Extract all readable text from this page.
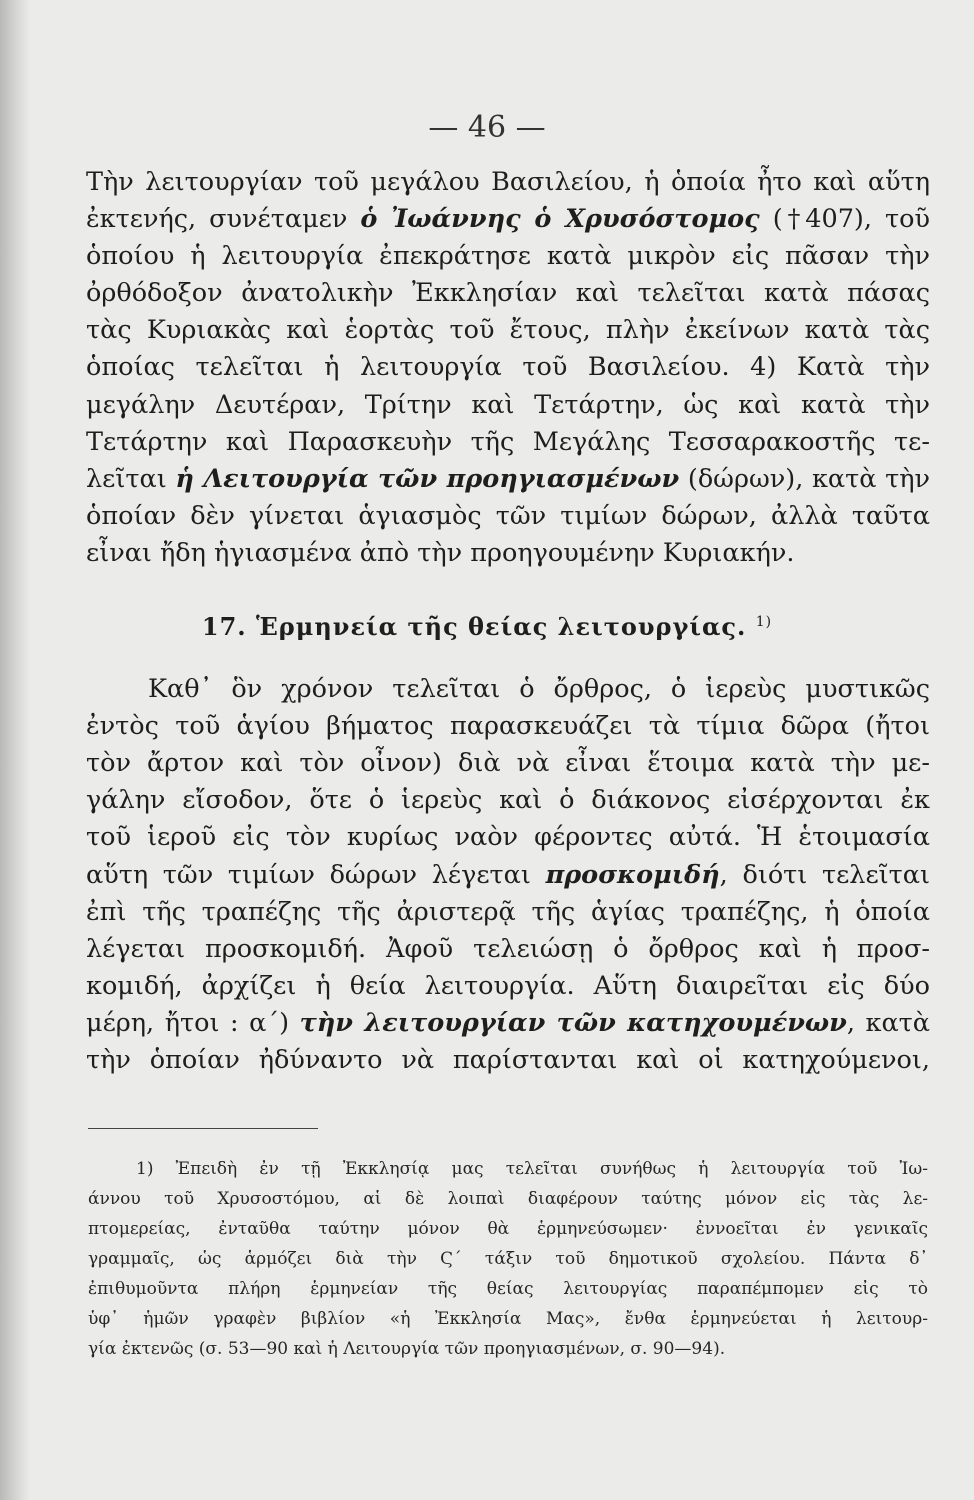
— 46 —
Τὴν λειτουργίαν τοῦ μεγάλου Βασιλείου, ἡ ὁποία ἦτο καὶ αὕτη
ἐκτενής, συνέταμεν ὁ Ἰωάννης ὁ Χρυσόστομος (†407), τοῦ
ὁποίου ἡ λειτουργία ἐπεκράτησε κατὰ μικρὸν εἰς πᾶσαν τὴν
ὀρθόδοξον ἀνατολικὴν Ἐκκλησίαν καὶ τελεῖται κατὰ πάσας
τὰς Κυριακὰς καὶ ἑορτὰς τοῦ ἔτους, πλὴν ἐκείνων κατὰ τὰς
ὁποίας τελεῖται ἡ λειτουργία τοῦ Βασιλείου. 4) Κατὰ τὴν
μεγάλην Δευτέραν, Τρίτην καὶ Τετάρτην, ὡς καὶ κατὰ τὴν
Τετάρτην καὶ Παρασκευὴν τῆς Μεγάλης Τεσσαρακοστῆς τε-
λεῖται ἡ Λειτουργία τῶν προηγιασμένων (δώρων), κατὰ τὴν
ὁποίαν δὲν γίνεται ἁγιασμὸς τῶν τιμίων δώρων, ἀλλὰ ταῦτα
εἶναι ἤδη ἡγιασμένα ἀπὸ τὴν προηγουμένην Κυριακήν.
17. Ἑρμηνεία τῆς θείας λειτουργίας. $^{1)}$
Καθ᾽ ὃν χρόνον τελεῖται ὁ ὄρθρος, ὁ ἱερεὺς μυστικῶς
ἐντὸς τοῦ ἁγίου βήματος παρασκευάζει τὰ τίμια δῶρα (ἤτοι
τὸν ἄρτον καὶ τὸν οἶνον) διὰ νὰ εἶναι ἕτοιμα κατὰ τὴν με-
γάλην εἴσοδον, ὅτε ὁ ἱερεὺς καὶ ὁ διάκονος εἰσέρχονται ἐκ
τοῦ ἱεροῦ εἰς τὸν κυρίως ναὸν φέροντες αὐτά. Ἡ ἑτοιμασία
αὕτη τῶν τιμίων δώρων λέγεται προσκομιδή, διότι τελεῖται
ἐπὶ τῆς τραπέζης τῆς ἀριστερᾷ τῆς ἁγίας τραπέζης, ἡ ὁποία
λέγεται προσκομιδή. Ἀφοῦ τελειώσῃ ὁ ὄρθρος καὶ ἡ προσ-
κομιδή, ἀρχίζει ἡ θεία λειτουργία. Αὕτη διαιρεῖται εἰς δύο
μέρη, ἤτοι : α΄) τὴν λειτουργίαν τῶν κατηχουμένων, κατὰ
τὴν ὁποίαν ἠδύναντο νὰ παρίστανται καὶ οἱ κατηχούμενοι,
1) Ἐπειδὴ ἐν τῇ Ἐκκλησίᾳ μας τελεῖται συνήθως ἡ λειτουργία τοῦ Ἰω-
άννου τοῦ Χρυσοστόμου, αἱ δὲ λοιπαὶ διαφέρουν ταύτης μόνον εἰς τὰς λε-
πτομερείας, ἐνταῦθα ταύτην μόνον θὰ ἑρμηνεύσωμεν· ἐννοεῖται ἐν γενικαῖς
γραμμαῖς, ὡς ἁρμόζει διὰ τὴν Ϛ΄ τάξιν τοῦ δημοτικοῦ σχολείου. Πάντα δ᾽
ἐπιθυμοῦντα πλήρη ἑρμηνείαν τῆς θείας λειτουργίας παραπέμπομεν εἰς τὸ
ὑφ᾽ ἡμῶν γραφὲν βιβλίον «ἡ Ἐκκλησία Μας», ἔνθα ἑρμηνεύεται ἡ λειτουρ-
γία ἐκτενῶς (σ. 53—90 καὶ ἡ Λειτουργία τῶν προηγιασμένων, σ. 90—94).
